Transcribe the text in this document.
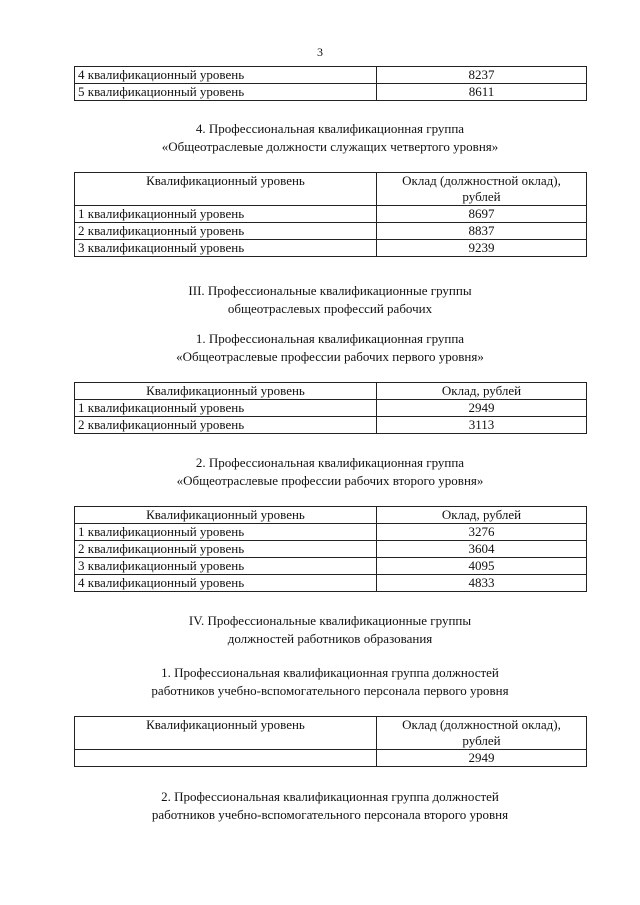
3
4 квалификационный уровень	8237
5 квалификационный уровень	8611
4. Профессиональная квалификационная группа
«Общеотраслевые должности служащих четвертого уровня»
Квалификационный уровень	Оклад (должностной оклад),
рублей
1 квалификационный уровень	8697
2 квалификационный уровень	8837
3 квалификационный уровень	9239
III. Профессиональные квалификационные группы
общеотраслевых профессий рабочих
1. Профессиональная квалификационная группа
«Общеотраслевые профессии рабочих первого уровня»
Квалификационный уровень	Оклад, рублей
1 квалификационный уровень	2949
2 квалификационный уровень	3113
2. Профессиональная квалификационная группа
«Общеотраслевые профессии рабочих второго уровня»
Квалификационный уровень	Оклад, рублей
1 квалификационный уровень	3276
2 квалификационный уровень	3604
3 квалификационный уровень	4095
4 квалификационный уровень	4833
IV. Профессиональные квалификационные группы
должностей работников образования
1. Профессиональная квалификационная группа должностей
работников учебно-вспомогательного персонала первого уровня
Квалификационный уровень	Оклад (должностной оклад),
рублей
	2949
2. Профессиональная квалификационная группа должностей
работников учебно-вспомогательного персонала второго уровня
